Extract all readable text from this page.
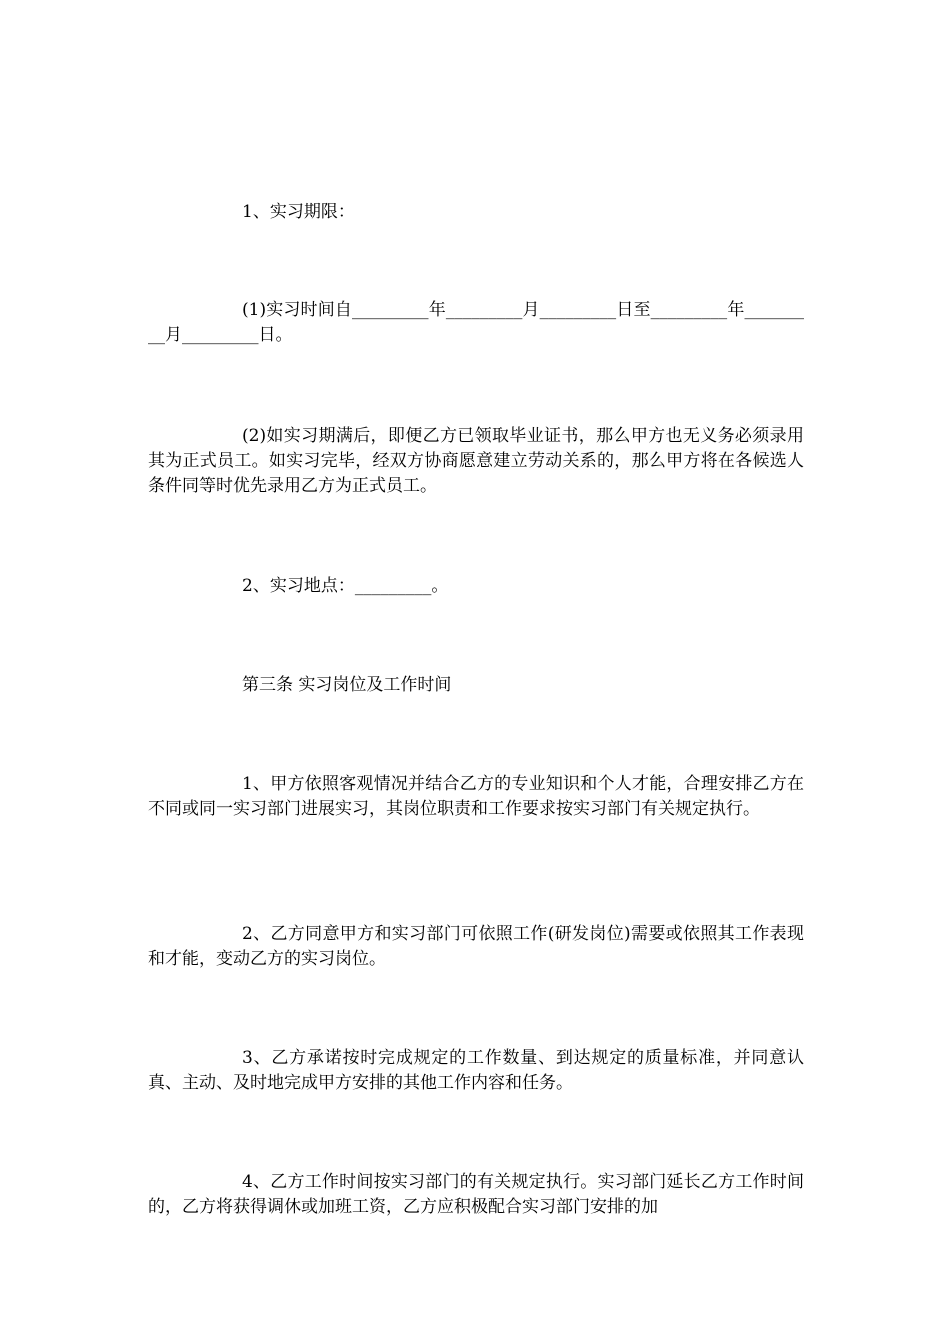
1、实习期限：

(1)实习时间自_________年_________月_________日至_________年_________月_________日。

(2)如实习期满后，即便乙方已领取毕业证书，那么甲方也无义务必须录用其为正式员工。如实习完毕，经双方协商愿意建立劳动关系的，那么甲方将在各候选人条件同等时优先录用乙方为正式员工。

2、实习地点：_________。

第三条 实习岗位及工作时间

1、甲方依照客观情况并结合乙方的专业知识和个人才能，合理安排乙方在不同或同一实习部门进展实习，其岗位职责和工作要求按实习部门有关规定执行。

2、乙方同意甲方和实习部门可依照工作(研发岗位)需要或依照其工作表现和才能，变动乙方的实习岗位。

3、乙方承诺按时完成规定的工作数量、到达规定的质量标准，并同意认真、主动、及时地完成甲方安排的其他工作内容和任务。

4、乙方工作时间按实习部门的有关规定执行。实习部门延长乙方工作时间的，乙方将获得调休或加班工资，乙方应积极配合实习部门安排的加
